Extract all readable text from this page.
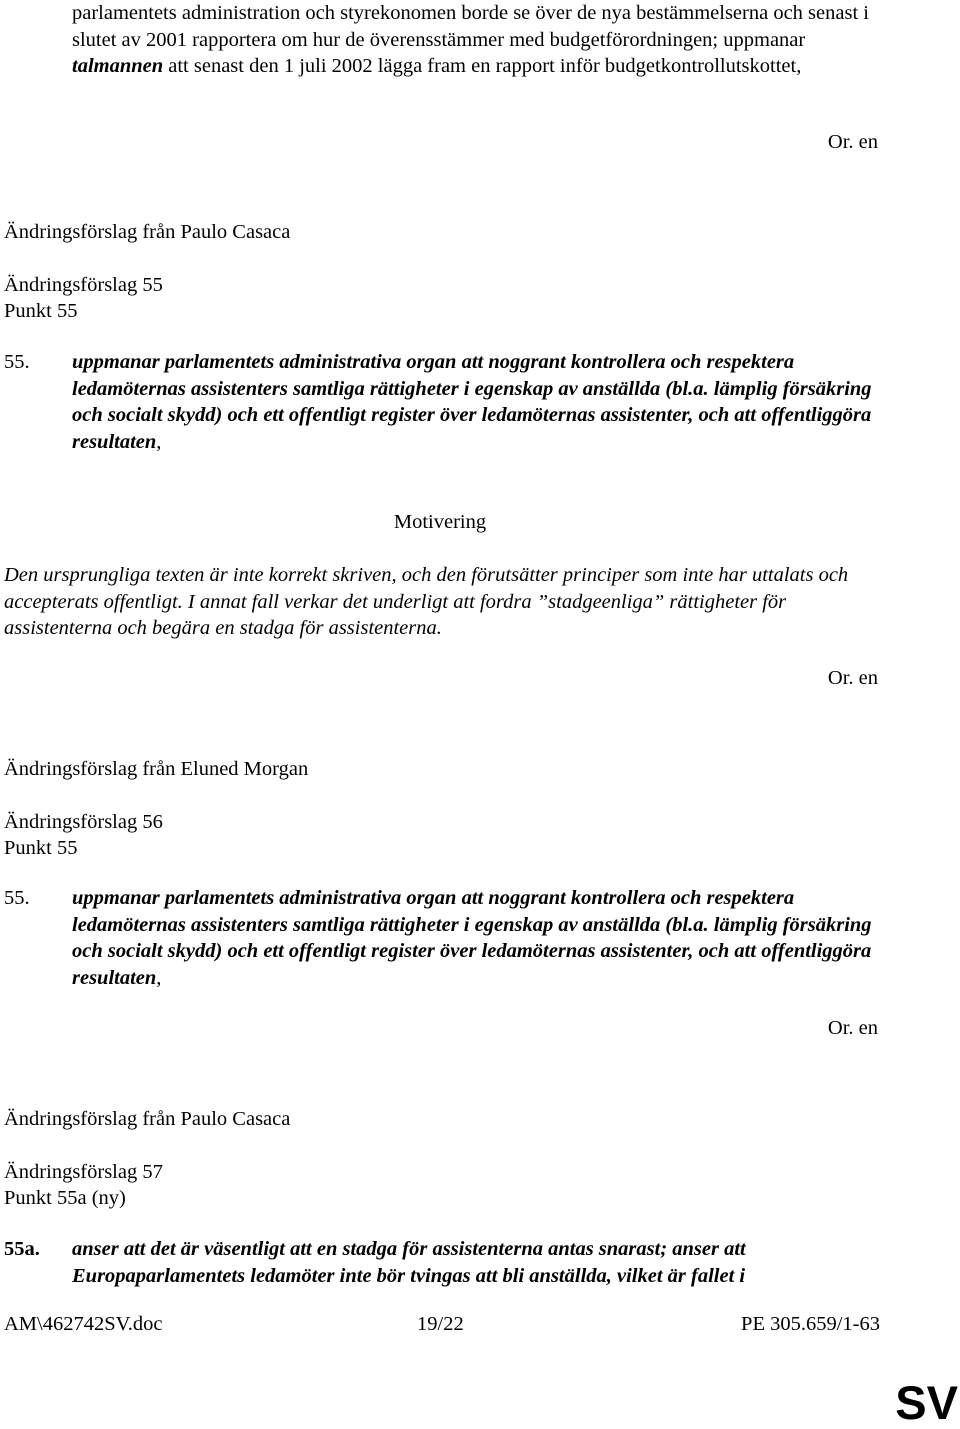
parlamentets administration och styrekonomen borde se över de nya bestämmelserna och senast i slutet av 2001 rapportera om hur de överensstämmer med budgetförordningen; uppmanar talmannen att senast den 1 juli 2002 lägga fram en rapport inför budgetkontrollutskottet,

Or. en
Ändringsförslag från Paulo Casaca
Ändringsförslag 55
Punkt 55
55. uppmanar parlamentets administrativa organ att noggrant kontrollera och respektera ledamöternas assistenters samtliga rättigheter i egenskap av anställda (bl.a. lämplig försäkring och socialt skydd) och ett offentligt register över ledamöternas assistenter, och att offentliggöra resultaten,
Motivering
Den ursprungliga texten är inte korrekt skriven, och den förutsätter principer som inte har uttalats och accepterats offentligt. I annat fall verkar det underligt att fordra ”stadgeenliga” rättigheter för assistenterna och begära en stadga för assistenterna.
Or. en
Ändringsförslag från Eluned Morgan
Ändringsförslag 56
Punkt 55
55. uppmanar parlamentets administrativa organ att noggrant kontrollera och respektera ledamöternas assistenters samtliga rättigheter i egenskap av anställda (bl.a. lämplig försäkring och socialt skydd) och ett offentligt register över ledamöternas assistenter, och att offentliggöra resultaten,
Or. en
Ändringsförslag från Paulo Casaca
Ändringsförslag 57
Punkt 55a (ny)
55a. anser att det är väsentligt att en stadga för assistenterna antas snarast; anser att Europaparlamentets ledamöter inte bör tvingas att bli anställda, vilket är fallet i
AM\462742SV.doc	19/22	PE 305.659/1-63
SV
